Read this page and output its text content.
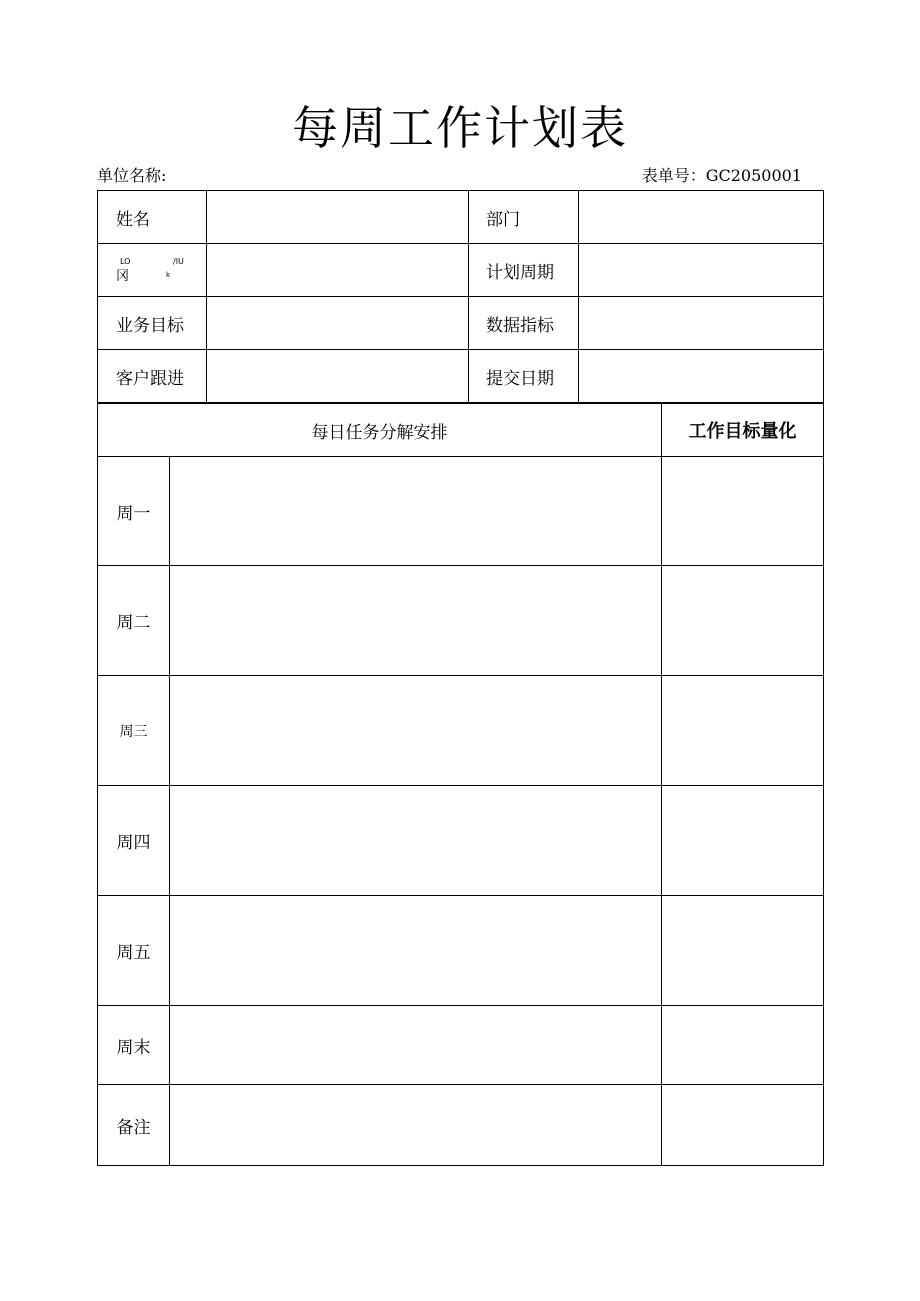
每周工作计划表
单位名称:	表单号：GC2050001
姓名		部门	

LO /IU
冈 k		计划周期	
业务目标		数据指标	
客户跟进		提交日期	
每日任务分解安排		工作目标量化
周一		
周二		
周三		
周四		
周五		
周末		
备注		
